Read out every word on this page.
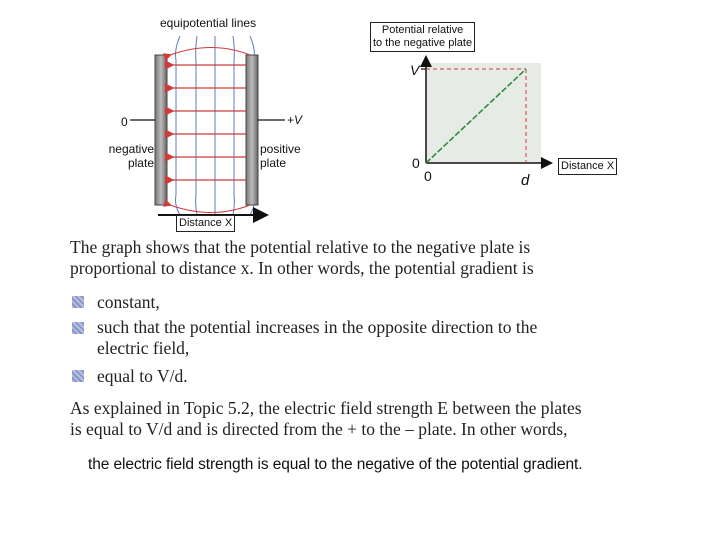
equipotential lines
0	+V
negative
plate
positive
plate
Distance X
Potential relative
to the negative plate
V
0
0	d
Distance X
The graph shows that the potential relative to the negative plate is
proportional to distance x. In other words, the potential gradient is
constant,
such that the potential increases in the opposite direction to the
electric field,
equal to V/d.
As explained in Topic 5.2, the electric field strength E between the plates
is equal to V/d and is directed from the + to the – plate. In other words,
the electric field strength is equal to the negative of the potential gradient.
